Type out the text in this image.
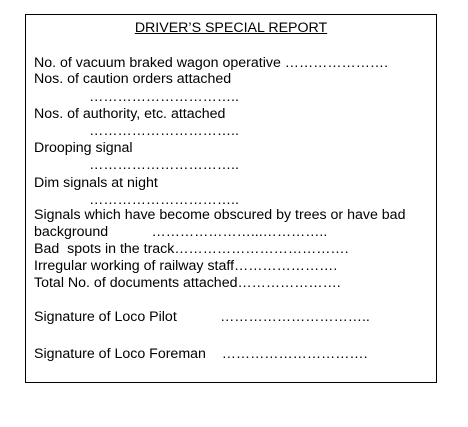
DRIVER’S SPECIAL REPORT
No. of vacuum braked wagon operative ………………….
Nos. of caution orders attached
…………………………..
Nos. of authority, etc. attached
…………………………..
Drooping signal
…………………………..
Dim signals at night
…………………………..
Signals which have become obscured by trees or have bad
background           …………………...…………..
Bad  spots in the track……………………………….
Irregular working of railway staff………………….
Total No. of documents attached………………….
Signature of Loco Pilot           …………………………..
Signature of Loco Foreman    ………………………….
